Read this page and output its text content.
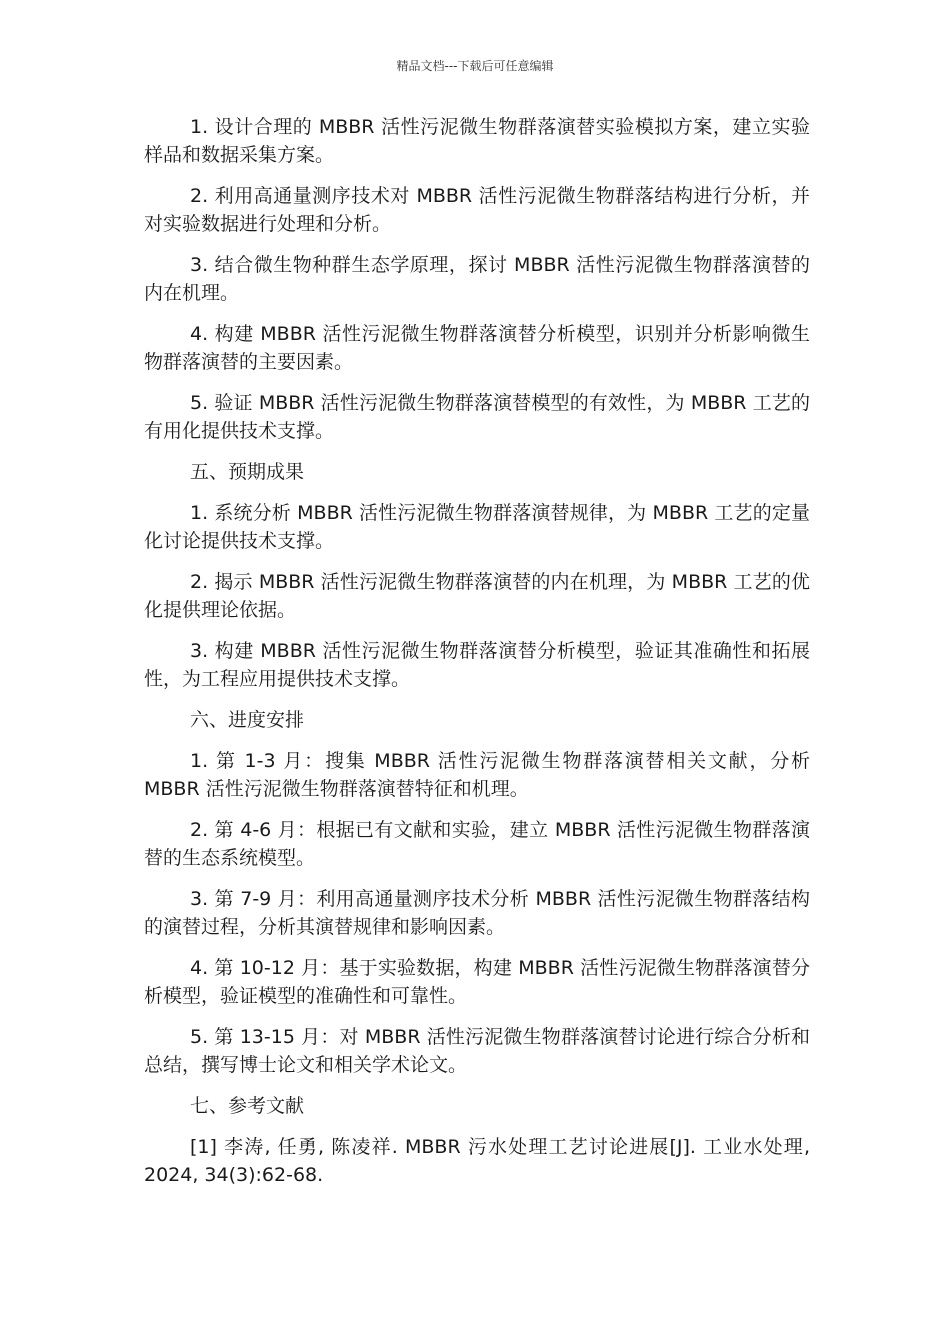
精品文档---下载后可任意编辑

1. 设计合理的 MBBR 活性污泥微生物群落演替实验模拟方案，建立实验样品和数据采集方案。

2. 利用高通量测序技术对 MBBR 活性污泥微生物群落结构进行分析，并对实验数据进行处理和分析。

3. 结合微生物种群生态学原理，探讨 MBBR 活性污泥微生物群落演替的内在机理。

4. 构建 MBBR 活性污泥微生物群落演替分析模型，识别并分析影响微生物群落演替的主要因素。

5. 验证 MBBR 活性污泥微生物群落演替模型的有效性，为 MBBR 工艺的有用化提供技术支撑。

五、预期成果

1. 系统分析 MBBR 活性污泥微生物群落演替规律，为 MBBR 工艺的定量化讨论提供技术支撑。

2. 揭示 MBBR 活性污泥微生物群落演替的内在机理，为 MBBR 工艺的优化提供理论依据。

3. 构建 MBBR 活性污泥微生物群落演替分析模型，验证其准确性和拓展性，为工程应用提供技术支撑。

六、进度安排

1. 第 1-3 月：搜集 MBBR 活性污泥微生物群落演替相关文献，分析 MBBR 活性污泥微生物群落演替特征和机理。

2. 第 4-6 月：根据已有文献和实验，建立 MBBR 活性污泥微生物群落演替的生态系统模型。

3. 第 7-9 月：利用高通量测序技术分析 MBBR 活性污泥微生物群落结构的演替过程，分析其演替规律和影响因素。

4. 第 10-12 月：基于实验数据，构建 MBBR 活性污泥微生物群落演替分析模型，验证模型的准确性和可靠性。

5. 第 13-15 月：对 MBBR 活性污泥微生物群落演替讨论进行综合分析和总结，撰写博士论文和相关学术论文。

七、参考文献

[1] 李涛, 任勇, 陈凌祥. MBBR 污水处理工艺讨论进展[J]. 工业水处理, 2024, 34(3):62-68.
